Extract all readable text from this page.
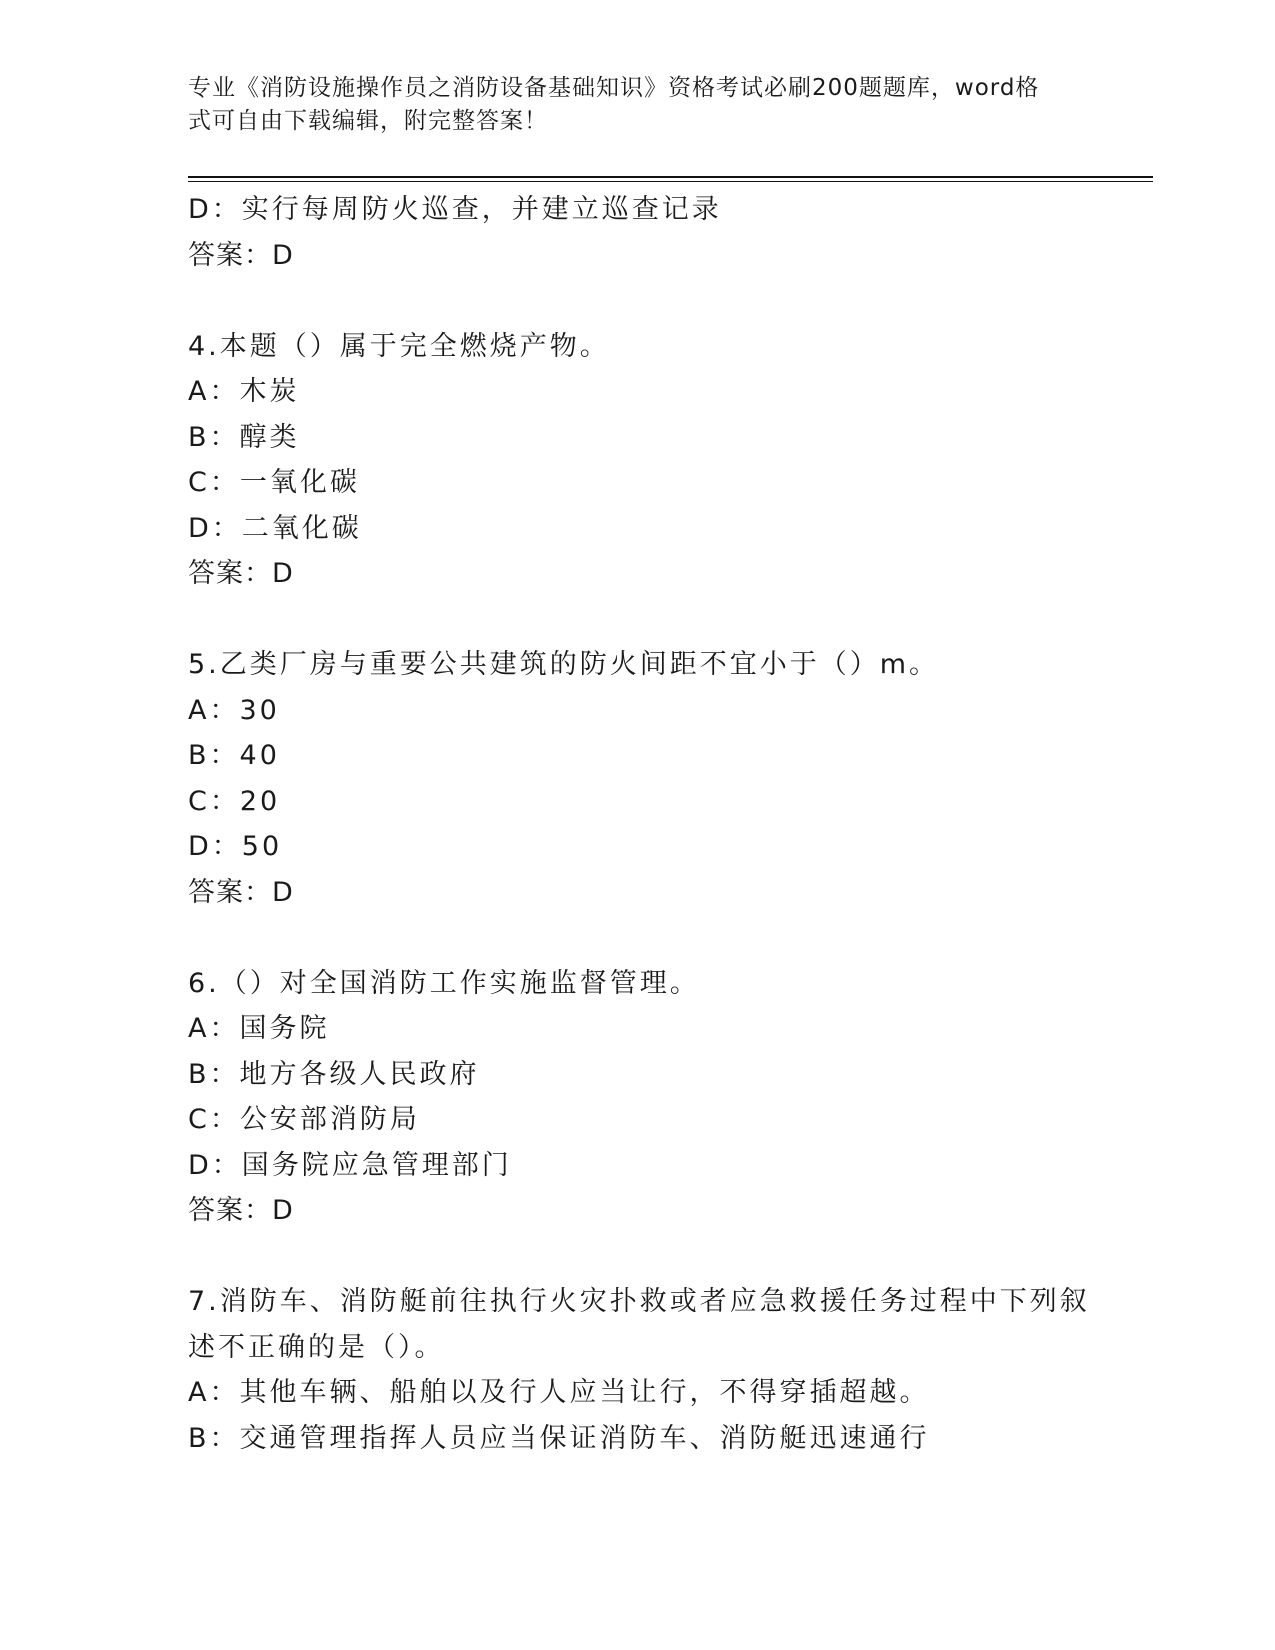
专业《消防设施操作员之消防设备基础知识》资格考试必刷200题题库，word格
式可自由下载编辑，附完整答案！
D：实行每周防火巡查，并建立巡查记录
答案：D
4.本题（）属于完全燃烧产物。
A：木炭
B：醇类
C：一氧化碳
D：二氧化碳
答案：D
5.乙类厂房与重要公共建筑的防火间距不宜小于（）m。
A：30
B：40
C：20
D：50
答案：D
6.（）对全国消防工作实施监督管理。
A：国务院
B：地方各级人民政府
C：公安部消防局
D：国务院应急管理部门
答案：D
7.消防车、消防艇前往执行火灾扑救或者应急救援任务过程中下列叙
述不正确的是（）。
A：其他车辆、船舶以及行人应当让行，不得穿插超越。
B：交通管理指挥人员应当保证消防车、消防艇迅速通行
